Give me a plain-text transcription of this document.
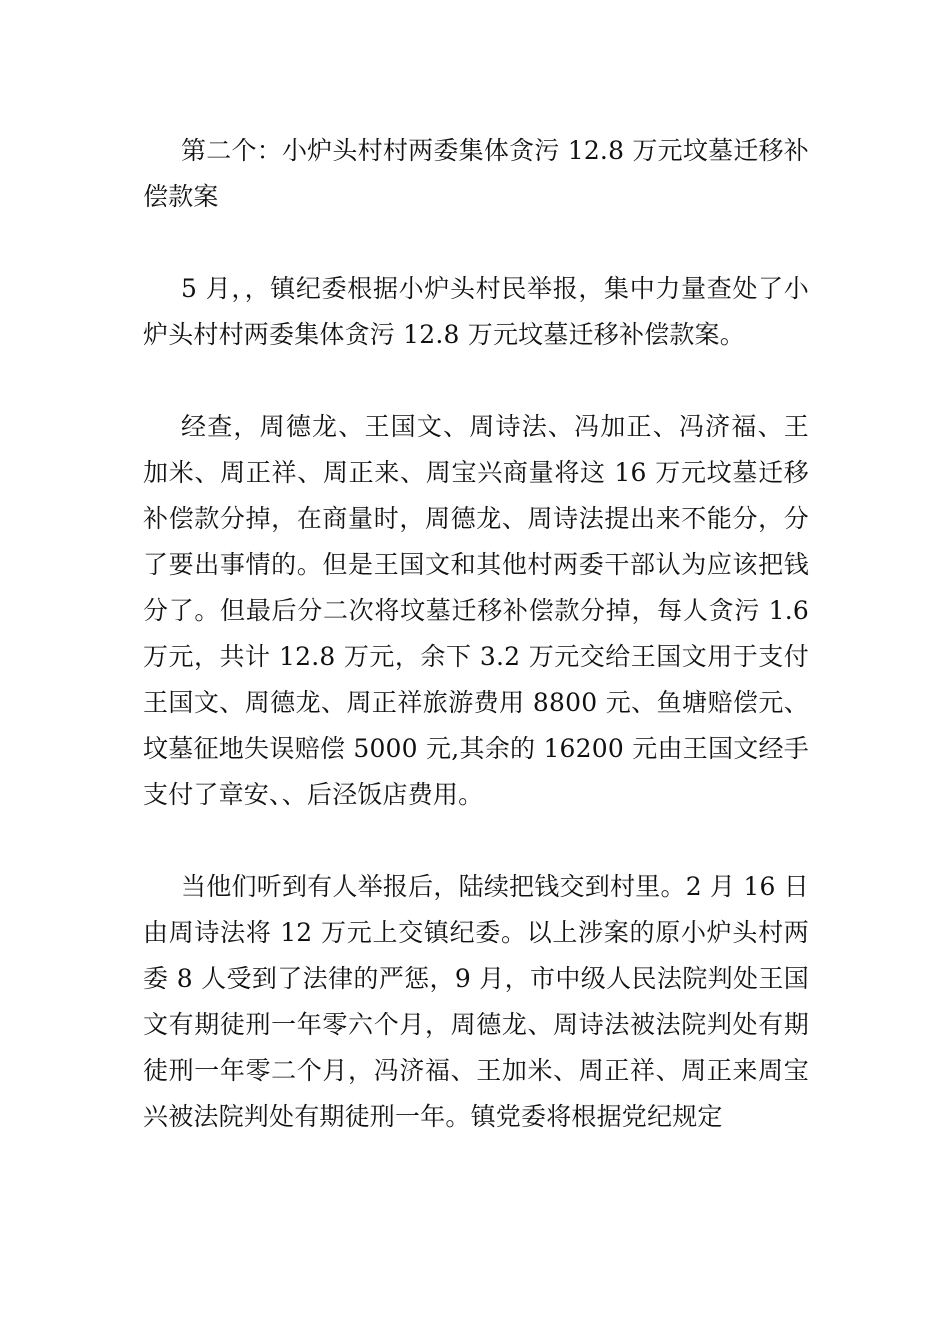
第二个：小炉头村村两委集体贪污 12.8 万元坟墓迁移补偿款案

5 月，，镇纪委根据小炉头村民举报，集中力量查处了小炉头村村两委集体贪污 12.8 万元坟墓迁移补偿款案。

经查，周德龙、王国文、周诗法、冯加正、冯济福、王加米、周正祥、周正来、周宝兴商量将这 16 万元坟墓迁移补偿款分掉，在商量时，周德龙、周诗法提出来不能分，分了要出事情的。但是王国文和其他村两委干部认为应该把钱分了。但最后分二次将坟墓迁移补偿款分掉，每人贪污 1.6 万元，共计 12.8 万元，余下 3.2 万元交给王国文用于支付王国文、周德龙、周正祥旅游费用 8800 元、鱼塘赔偿元、坟墓征地失误赔偿 5000 元,其余的 16200 元由王国文经手支付了章安、、后泾饭店费用。

当他们听到有人举报后，陆续把钱交到村里。2 月 16 日由周诗法将 12 万元上交镇纪委。以上涉案的原小炉头村两委 8 人受到了法律的严惩，9 月，市中级人民法院判处王国文有期徒刑一年零六个月，周德龙、周诗法被法院判处有期徒刑一年零二个月，冯济福、王加米、周正祥、周正来周宝兴被法院判处有期徒刑一年。镇党委将根据党纪规定
